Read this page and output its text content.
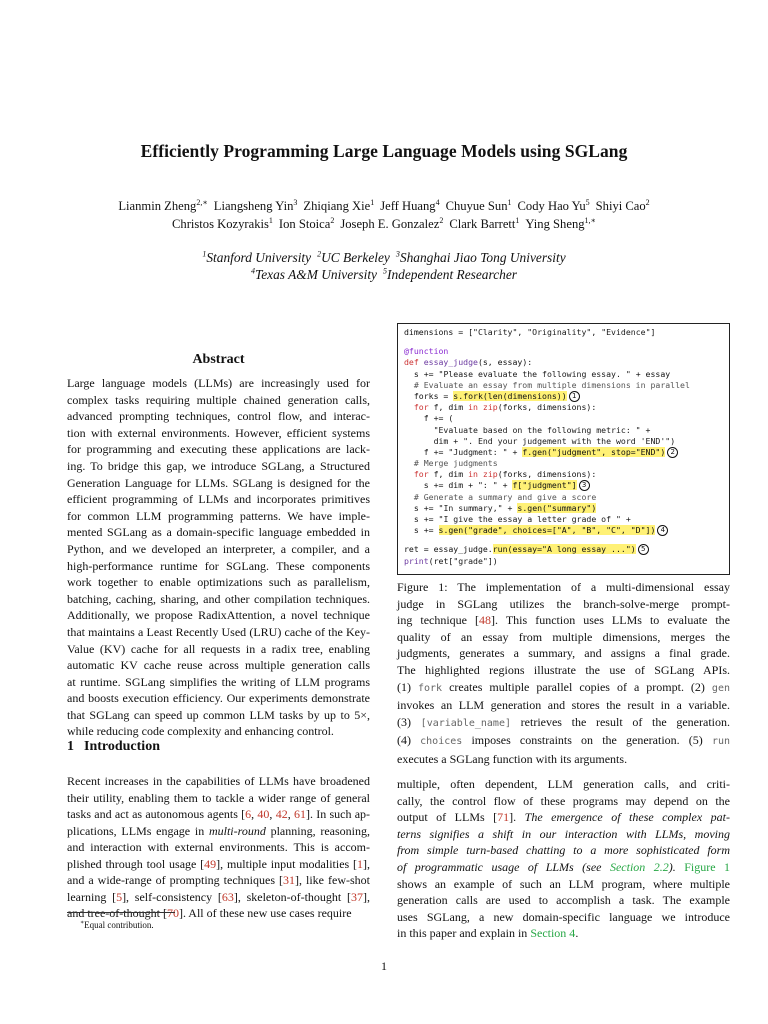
Efficiently Programming Large Language Models using SGLang
Lianmin Zheng$^{2,∗}$ Liangsheng Yin$^3$ Zhiqiang Xie$^1$ Jeff Huang$^4$ Chuyue Sun$^1$ Cody Hao Yu$^5$ Shiyi Cao$^2$
Christos Kozyrakis$^1$ Ion Stoica$^2$ Joseph E. Gonzalez$^2$ Clark Barrett$^1$ Ying Sheng$^{1,∗}$
$^1$Stanford University $^2$UC Berkeley $^3$Shanghai Jiao Tong University
$^4$Texas A&M University $^5$Independent Researcher
Abstract
Large language models (LLMs) are increasingly used for
complex tasks requiring multiple chained generation calls,
advanced prompting techniques, control flow, and interac-
tion with external environments. However, efficient systems
for programming and executing these applications are lack-
ing. To bridge this gap, we introduce SGLang, a Structured
Generation Language for LLMs. SGLang is designed for the
efficient programming of LLMs and incorporates primitives
for common LLM programming patterns. We have imple-
mented SGLang as a domain-specific language embedded in
Python, and we developed an interpreter, a compiler, and a
high-performance runtime for SGLang. These components
work together to enable optimizations such as parallelism,
batching, caching, sharing, and other compilation techniques.
Additionally, we propose RadixAttention, a novel technique
that maintains a Least Recently Used (LRU) cache of the Key-
Value (KV) cache for all requests in a radix tree, enabling
automatic KV cache reuse across multiple generation calls
at runtime. SGLang simplifies the writing of LLM programs
and boosts execution efficiency. Our experiments demonstrate
that SGLang can speed up common LLM tasks by up to 5×,
while reducing code complexity and enhancing control.
1 Introduction
Recent increases in the capabilities of LLMs have broadened
their utility, enabling them to tackle a wider range of general
tasks and act as autonomous agents [6, 40, 42, 61]. In such ap-
plications, LLMs engage in multi-round planning, reasoning,
and interaction with external environments. This is accom-
plished through tool usage [49], multiple input modalities [1],
and a wide-range of prompting techniques [31], like few-shot
learning [5], self-consistency [63], skeleton-of-thought [37],
and tree-of-thought [70]. All of these new use cases require
∗Equal contribution.
dimensions = ["Clarity", "Originality", "Evidence"]
@function
def essay_judge(s, essay):
s += "Please evaluate the following essay. " + essay
# Evaluate an essay from multiple dimensions in parallel
forks = s.fork(len(dimensions)) 1
for f, dim in zip(forks, dimensions):
f += (
"Evaluate based on the following metric: " +
dim + ". End your judgement with the word 'END'")
f += "Judgment: " + f.gen("judgment", stop="END") 2
# Merge judgments
for f, dim in zip(forks, dimensions):
s += dim + ": " + f["judgment"] 3
# Generate a summary and give a score
s += "In summary," + s.gen("summary")
s += "I give the essay a letter grade of " +
s += s.gen("grade", choices=["A", "B", "C", "D"]) 4
ret = essay_judge.run(essay="A long essay ...") 5
print(ret["grade"])
Figure 1: The implementation of a multi-dimensional essay
judge in SGLang utilizes the branch-solve-merge prompt-
ing technique [48]. This function uses LLMs to evaluate the
quality of an essay from multiple dimensions, merges the
judgments, generates a summary, and assigns a final grade.
The highlighted regions illustrate the use of SGLang APIs.
(1) fork creates multiple parallel copies of a prompt. (2) gen
invokes an LLM generation and stores the result in a variable.
(3) [variable_name] retrieves the result of the generation.
(4) choices imposes constraints on the generation. (5) run
executes a SGLang function with its arguments.
multiple, often dependent, LLM generation calls, and criti-
cally, the control flow of these programs may depend on the
output of LLMs [71]. The emergence of these complex pat-
terns signifies a shift in our interaction with LLMs, moving
from simple turn-based chatting to a more sophisticated form
of programmatic usage of LLMs (see Section 2.2). Figure 1
shows an example of such an LLM program, where multiple
generation calls are used to accomplish a task. The example
uses SGLang, a new domain-specific language we introduce
in this paper and explain in Section 4.
1
